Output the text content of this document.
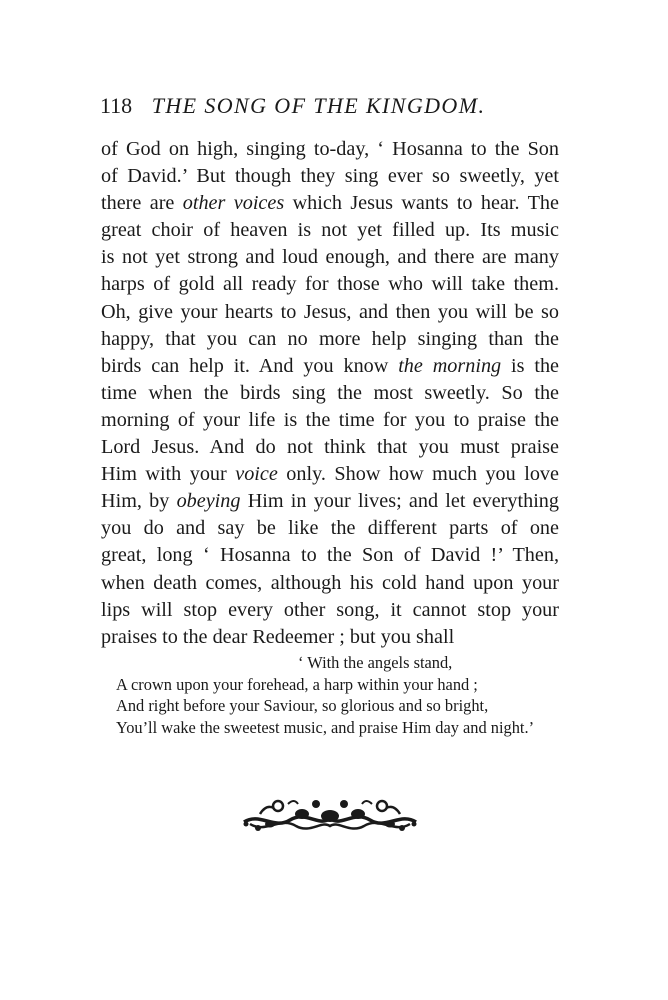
118 THE SONG OF THE KINGDOM.
of God on high, singing to-day, ‘ Hosanna to the Son
of David.’ But though they sing ever so sweetly, yet
there are other voices which Jesus wants to hear. The
great choir of heaven is not yet filled up. Its music
is not yet strong and loud enough, and there are many
harps of gold all ready for those who will take them.
Oh, give your hearts to Jesus, and then you will be so
happy, that you can no more help singing than the
birds can help it. And you know the morning is the
time when the birds sing the most sweetly. So the
morning of your life is the time for you to praise the
Lord Jesus. And do not think that you must praise
Him with your voice only. Show how much you love
Him, by obeying Him in your lives; and let everything
you do and say be like the different parts of one
great, long ‘ Hosanna to the Son of David !’ Then,
when death comes, although his cold hand upon your
lips will stop every other song, it cannot stop your
praises to the dear Redeemer ; but you shall
‘ With the angels stand,
A crown upon your forehead, a harp within your hand ;
And right before your Saviour, so glorious and so bright,
You’ll wake the sweetest music, and praise Him day and night.’
